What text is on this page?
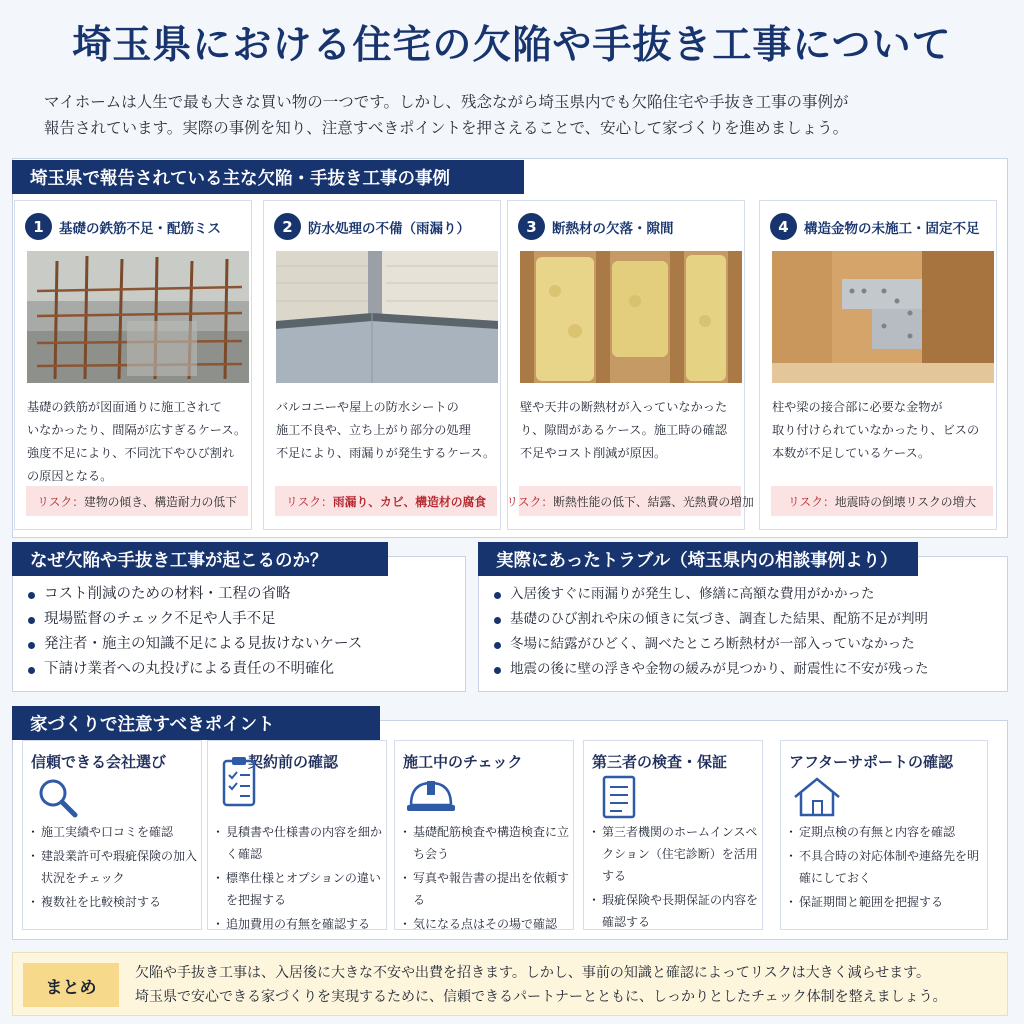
埼玉県における住宅の欠陥や手抜き工事について
マイホームは人生で最も大きな買い物の一つです。しかし、残念ながら埼玉県内でも欠陥住宅や手抜き工事の事例が
報告されています。実際の事例を知り、注意すべきポイントを押さえることで、安心して家づくりを進めましょう。
埼玉県で報告されている主な欠陥・手抜き工事の事例
1	基礎の鉄筋不足・配筋ミス
基礎の鉄筋が図面通りに施工されて
いなかったり、間隔が広すぎるケース。
強度不足により、不同沈下やひび割れ
の原因となる。
2	防水処理の不備（雨漏り）
バルコニーや屋上の防水シートの
施工不良や、立ち上がり部分の処理
不足により、雨漏りが発生するケース。
3	断熱材の欠落・隙間
壁や天井の断熱材が入っていなかった
り、隙間があるケース。施工時の確認
不足やコスト削減が原因。
4	構造金物の未施工・固定不足
柱や梁の接合部に必要な金物が
取り付けられていなかったり、ビスの
本数が不足しているケース。
リスク： 建物の傾き、構造耐力の低下	リスク： 雨漏り、カビ、構造材の腐食 リスク： 断熱性能の低下、結露、光熱費の増加	リスク： 地震時の倒壊リスクの増大
なぜ欠陥や手抜き工事が起こるのか？
コスト削減のための材料・工程の省略
現場監督のチェック不足や人手不足
発注者・施主の知識不足による見抜けないケース
下請け業者への丸投げによる責任の不明確化
実際にあったトラブル（埼玉県内の相談事例より）
入居後すぐに雨漏りが発生し、修繕に高額な費用がかかった
基礎のひび割れや床の傾きに気づき、調査した結果、配筋不足が判明
冬場に結露がひどく、調べたところ断熱材が一部入っていなかった
地震の後に壁の浮きや金物の緩みが見つかり、耐震性に不安が残った
家づくりで注意すべきポイント
信頼できる会社選び
・ 施工実績や口コミを確認
・ 建設業許可や瑕疵保険の加入状況をチェック
・ 複数社を比較検討する
契約前の確認
・ 見積書や仕様書の内容を細かく確認
・ 標準仕様とオプションの違いを把握する
・ 追加費用の有無を確認する
施工中のチェック
・ 基礎配筋検査や構造検査に立ち会う
・ 写真や報告書の提出を依頼する
・ 気になる点はその場で確認
第三者の検査・保証
・ 第三者機関のホームインスペクション（住宅診断）を活用する
・ 瑕疵保険や長期保証の内容を確認する
アフターサポートの確認
・ 定期点検の有無と内容を確認
・ 不具合時の対応体制や連絡先を明確にしておく
・ 保証期間と範囲を把握する
まとめ
欠陥や手抜き工事は、入居後に大きな不安や出費を招きます。しかし、事前の知識と確認によってリスクは大きく減らせます。
埼玉県で安心できる家づくりを実現するために、信頼できるパートナーとともに、しっかりとしたチェック体制を整えましょう。
